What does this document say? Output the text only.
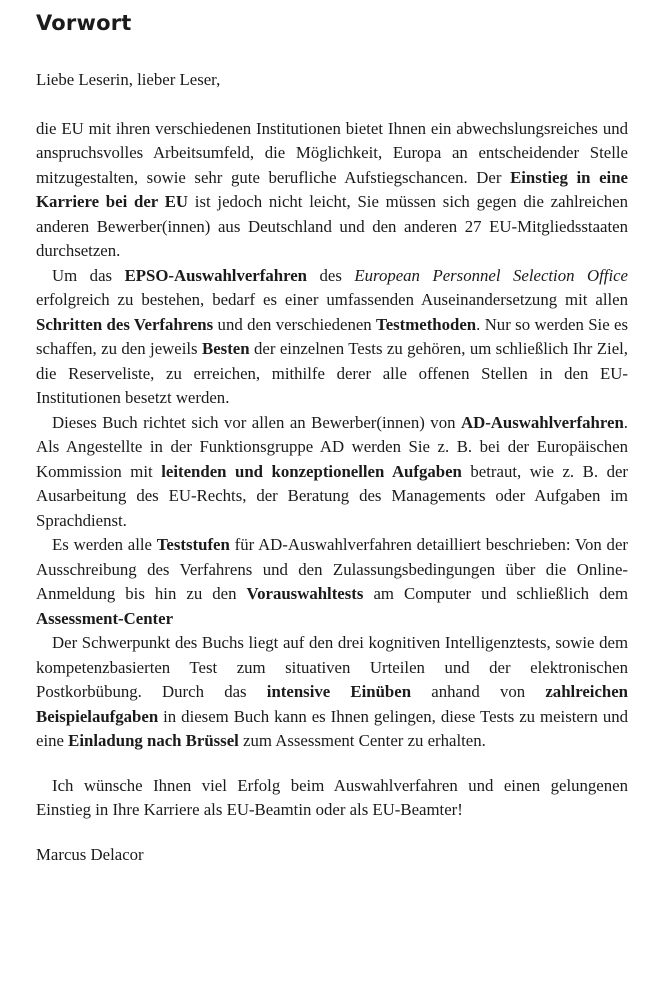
Vorwort

Liebe Leserin, lieber Leser,

die EU mit ihren verschiedenen Institutionen bietet Ihnen ein abwechslungsreiches und anspruchsvolles Arbeitsumfeld, die Möglichkeit, Europa an entscheidender Stelle mitzugestalten, sowie sehr gute berufliche Aufstiegschancen. Der Einstieg in eine Karriere bei der EU ist jedoch nicht leicht, Sie müssen sich gegen die zahlreichen anderen Bewerber(innen) aus Deutschland und den anderen 27 EU-Mitgliedsstaaten durchsetzen.

Um das EPSO-Auswahlverfahren des European Personnel Selection Office erfolgreich zu bestehen, bedarf es einer umfassenden Auseinandersetzung mit allen Schritten des Verfahrens und den verschiedenen Testmethoden. Nur so werden Sie es schaffen, zu den jeweils Besten der einzelnen Tests zu gehören, um schließlich Ihr Ziel, die Reserveliste, zu erreichen, mithilfe derer alle offenen Stellen in den EU-Institutionen besetzt werden.

Dieses Buch richtet sich vor allen an Bewerber(innen) von AD-Auswahlverfahren. Als Angestellte in der Funktionsgruppe AD werden Sie z. B. bei der Europäischen Kommission mit leitenden und konzeptionellen Aufgaben betraut, wie z. B. der Ausarbeitung des EU-Rechts, der Beratung des Managements oder Aufgaben im Sprachdienst.

Es werden alle Teststufen für AD-Auswahlverfahren detailliert beschrieben: Von der Ausschreibung des Verfahrens und den Zulassungsbedingungen über die Online-Anmeldung bis hin zu den Vorauswahltests am Computer und schließlich dem Assessment-Center

Der Schwerpunkt des Buchs liegt auf den drei kognitiven Intelligenztests, sowie dem kompetenzbasierten Test zum situativen Urteilen und der elektronischen Postkorbübung. Durch das intensive Einüben anhand von zahlreichen Beispielaufgaben in diesem Buch kann es Ihnen gelingen, diese Tests zu meistern und eine Einladung nach Brüssel zum Assessment Center zu erhalten.

Ich wünsche Ihnen viel Erfolg beim Auswahlverfahren und einen gelungenen Einstieg in Ihre Karriere als EU-Beamtin oder als EU-Beamter!

Marcus Delacor
